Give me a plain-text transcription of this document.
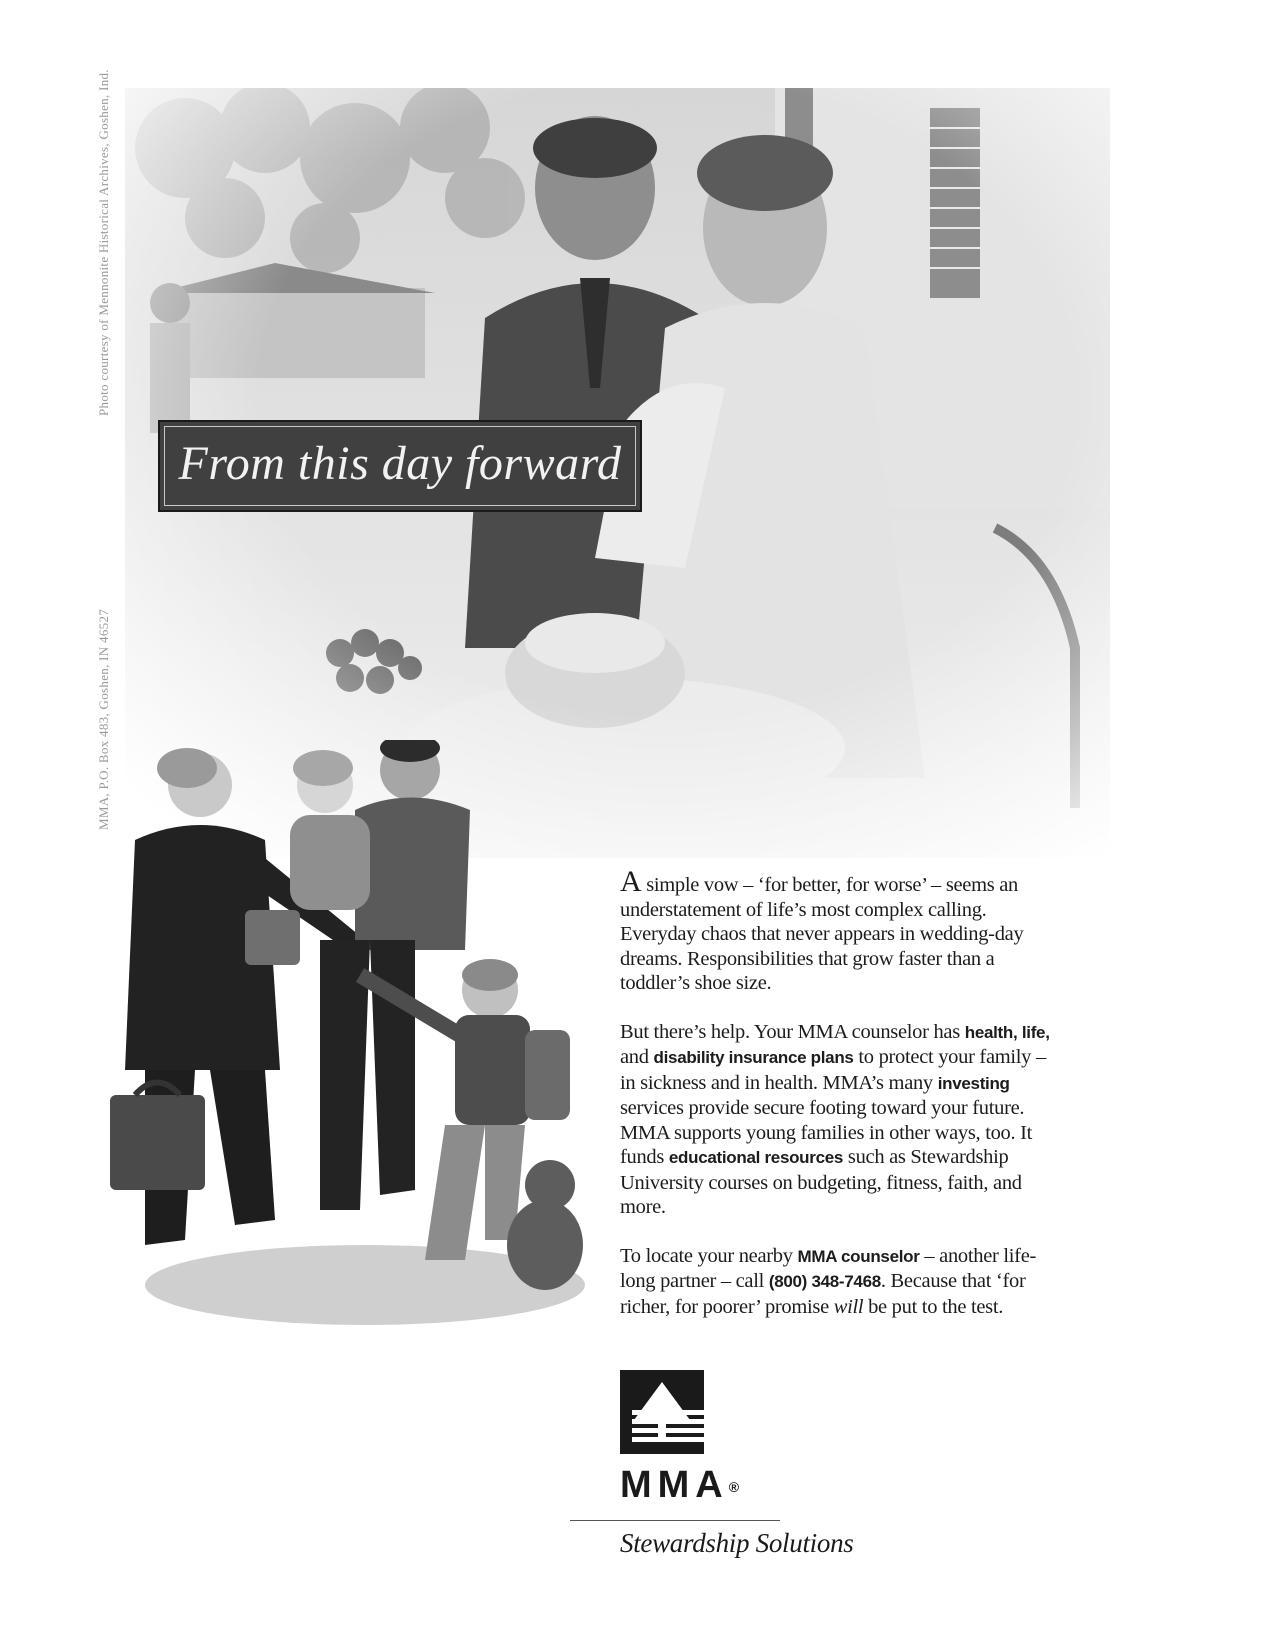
Photo courtesy of Mennonite Historical Archives, Goshen, Ind.
MMA, P.O. Box 483, Goshen, IN 46527
From this day forward

A simple vow – ‘for better, for worse’ – seems an understatement of life’s most complex calling. Everyday chaos that never appears in wedding-day dreams. Responsibilities that grow faster than a toddler’s shoe size.

But there’s help. Your MMA counselor has health, life, and disability insurance plans to protect your family – in sickness and in health. MMA’s many investing services provide secure footing toward your future. MMA supports young families in other ways, too. It funds educational resources such as Stewardship University courses on budgeting, fitness, faith, and more.

To locate your nearby MMA counselor – another life-long partner – call (800) 348-7468. Because that ‘for richer, for poorer’ promise will be put to the test.

MMA®
Stewardship Solutions
